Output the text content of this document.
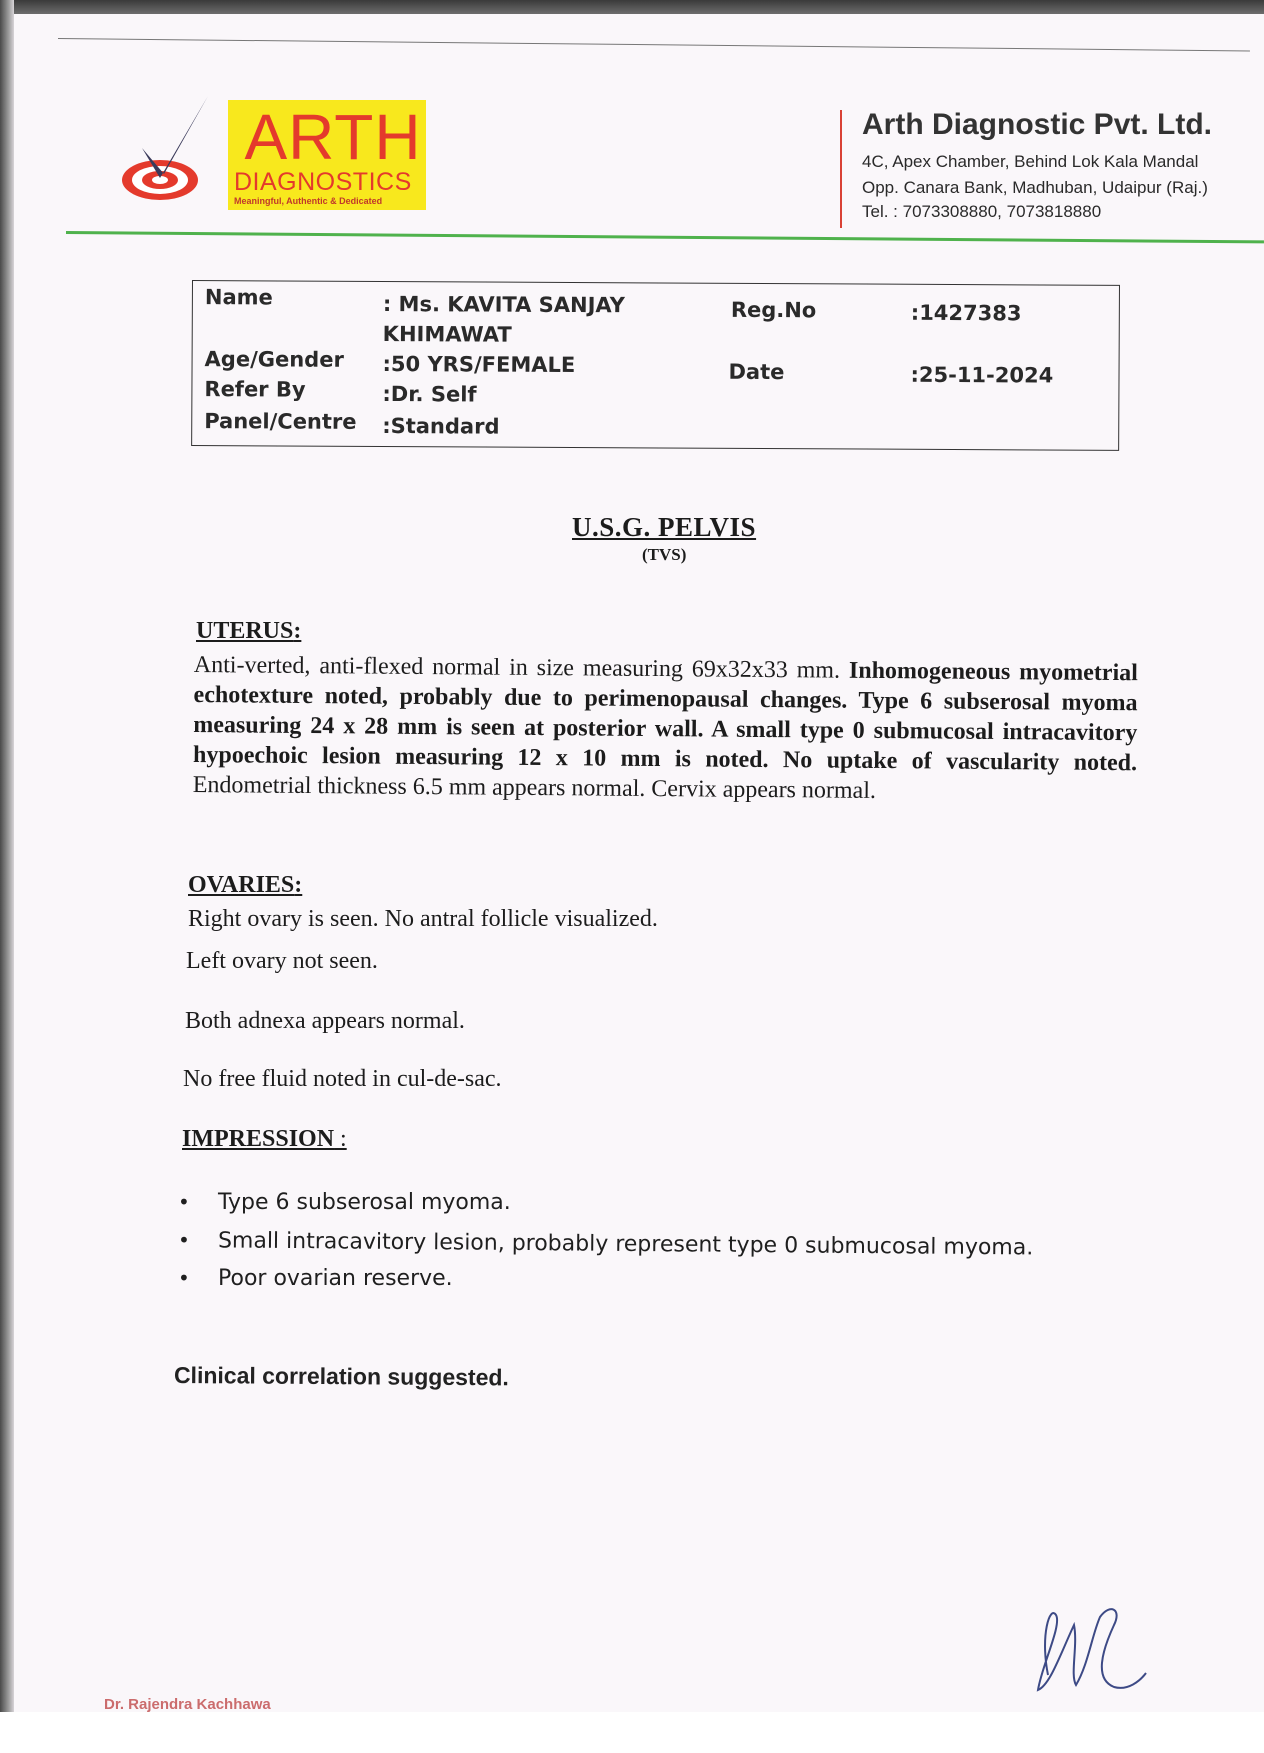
ARTH
DIAGNOSTICS
Meaningful, Authentic & Dedicated
Arth Diagnostic Pvt. Ltd.
4C, Apex Chamber, Behind Lok Kala Mandal
Opp. Canara Bank, Madhuban, Udaipur (Raj.)
Tel. : 7073308880, 7073818880
Name	: Ms. KAVITA SANJAY
KHIMAWAT
Age/Gender :50 YRS/FEMALE
Refer By	:Dr. Self
Panel/Centre :Standard
Reg.No	:1427383
Date	:25-11-2024
U.S.G. PELVIS
(TVS)
UTERUS:
Anti-verted, anti-flexed normal in size measuring 69x32x33 mm. Inhomogeneous myometrial echotexture noted, probably due to perimenopausal changes. Type 6 subserosal myoma measuring 24 x 28 mm is seen at posterior wall. A small type 0 submucosal intracavitory hypoechoic lesion measuring 12 x 10 mm is noted. No uptake of vascularity noted. Endometrial thickness 6.5 mm appears normal. Cervix appears normal.
OVARIES:
Right ovary is seen. No antral follicle visualized.
Left ovary not seen.
Both adnexa appears normal.
No free fluid noted in cul-de-sac.
IMPRESSION :
• Type 6 subserosal myoma.
• Small intracavitory lesion, probably represent type 0 submucosal myoma.
• Poor ovarian reserve.
Clinical correlation suggested.
Dr. Rajendra Kachhawa
